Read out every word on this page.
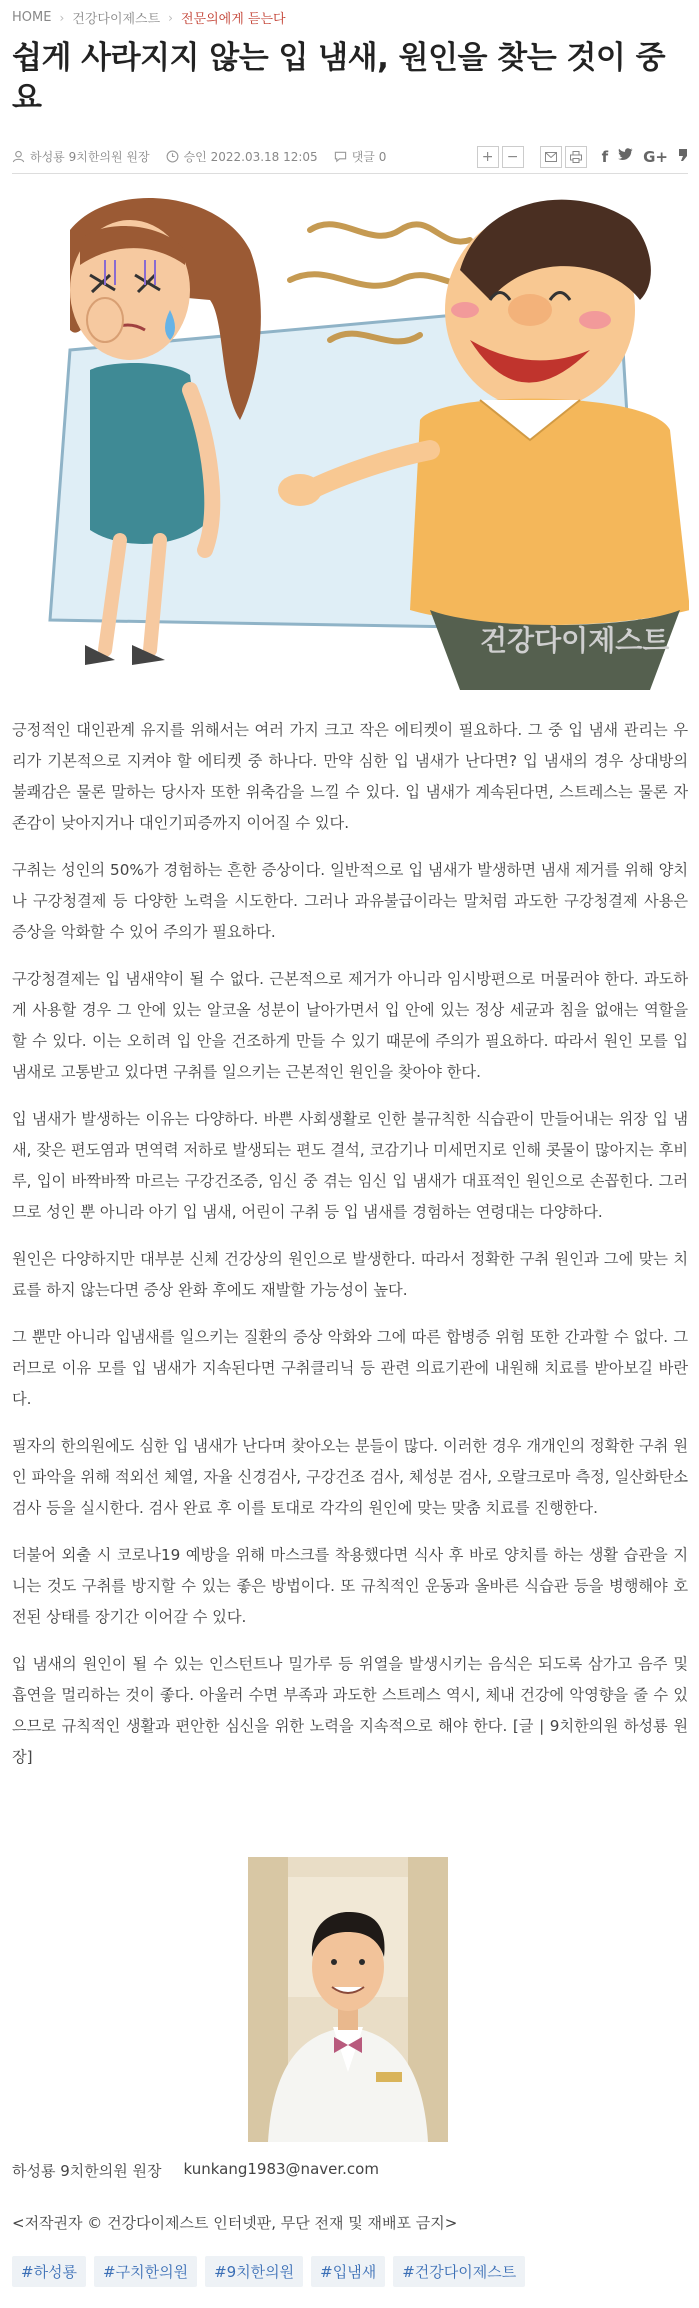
HOME › 건강다이제스트 › 전문의에게 듣는다
쉽게 사라지지 않는 입 냄새, 원인을 찾는 것이 중요
하성룡 9치한의원 원장	승인 2022.03.18 12:05	댓글 0	+ −	f G+
건강다이제스트

긍정적인 대인관계 유지를 위해서는 여러 가지 크고 작은 에티켓이 필요하다. 그 중 입 냄새 관리는 우리가 기본적으로 지켜야 할 에티켓 중 하나다. 만약 심한 입 냄새가 난다면? 입 냄새의 경우 상대방의 불쾌감은 물론 말하는 당사자 또한 위축감을 느낄 수 있다. 입 냄새가 계속된다면, 스트레스는 물론 자존감이 낮아지거나 대인기피증까지 이어질 수 있다.

구취는 성인의 50%가 경험하는 흔한 증상이다. 일반적으로 입 냄새가 발생하면 냄새 제거를 위해 양치나 구강청결제 등 다양한 노력을 시도한다. 그러나 과유불급이라는 말처럼 과도한 구강청결제 사용은 증상을 악화할 수 있어 주의가 필요하다.

구강청결제는 입 냄새약이 될 수 없다. 근본적으로 제거가 아니라 임시방편으로 머물러야 한다. 과도하게 사용할 경우 그 안에 있는 알코올 성분이 날아가면서 입 안에 있는 정상 세균과 침을 없애는 역할을 할 수 있다. 이는 오히려 입 안을 건조하게 만들 수 있기 때문에 주의가 필요하다. 따라서 원인 모를 입 냄새로 고통받고 있다면 구취를 일으키는 근본적인 원인을 찾아야 한다.

입 냄새가 발생하는 이유는 다양하다. 바쁜 사회생활로 인한 불규칙한 식습관이 만들어내는 위장 입 냄새, 잦은 편도염과 면역력 저하로 발생되는 편도 결석, 코감기나 미세먼지로 인해 콧물이 많아지는 후비루, 입이 바짝바짝 마르는 구강건조증, 임신 중 겪는 임신 입 냄새가 대표적인 원인으로 손꼽힌다. 그러므로 성인 뿐 아니라 아기 입 냄새, 어린이 구취 등 입 냄새를 경험하는 연령대는 다양하다.

원인은 다양하지만 대부분 신체 건강상의 원인으로 발생한다. 따라서 정확한 구취 원인과 그에 맞는 치료를 하지 않는다면 증상 완화 후에도 재발할 가능성이 높다.

그 뿐만 아니라 입냄새를 일으키는 질환의 증상 악화와 그에 따른 합병증 위험 또한 간과할 수 없다. 그러므로 이유 모를 입 냄새가 지속된다면 구취클리닉 등 관련 의료기관에 내원해 치료를 받아보길 바란다.

필자의 한의원에도 심한 입 냄새가 난다며 찾아오는 분들이 많다. 이러한 경우 개개인의 정확한 구취 원인 파악을 위해 적외선 체열, 자율 신경검사, 구강건조 검사, 체성분 검사, 오랄크로마 측정, 일산화탄소 검사 등을 실시한다. 검사 완료 후 이를 토대로 각각의 원인에 맞는 맞춤 치료를 진행한다.

더불어 외출 시 코로나19 예방을 위해 마스크를 착용했다면 식사 후 바로 양치를 하는 생활 습관을 지니는 것도 구취를 방지할 수 있는 좋은 방법이다. 또 규칙적인 운동과 올바른 식습관 등을 병행해야 호전된 상태를 장기간 이어갈 수 있다.

입 냄새의 원인이 될 수 있는 인스턴트나 밀가루 등 위열을 발생시키는 음식은 되도록 삼가고 음주 및 흡연을 멀리하는 것이 좋다. 아울러 수면 부족과 과도한 스트레스 역시, 체내 건강에 악영향을 줄 수 있으므로 규칙적인 생활과 편안한 심신을 위한 노력을 지속적으로 해야 한다. [글 | 9치한의원 하성룡 원장]

하성룡 9치한의원 원장 kunkang1983@naver.com
<저작권자 © 건강다이제스트 인터넷판, 무단 전재 및 재배포 금지>
#하성룡	#구치한의원	#9치한의원	#입냄새	#건강다이제스트
